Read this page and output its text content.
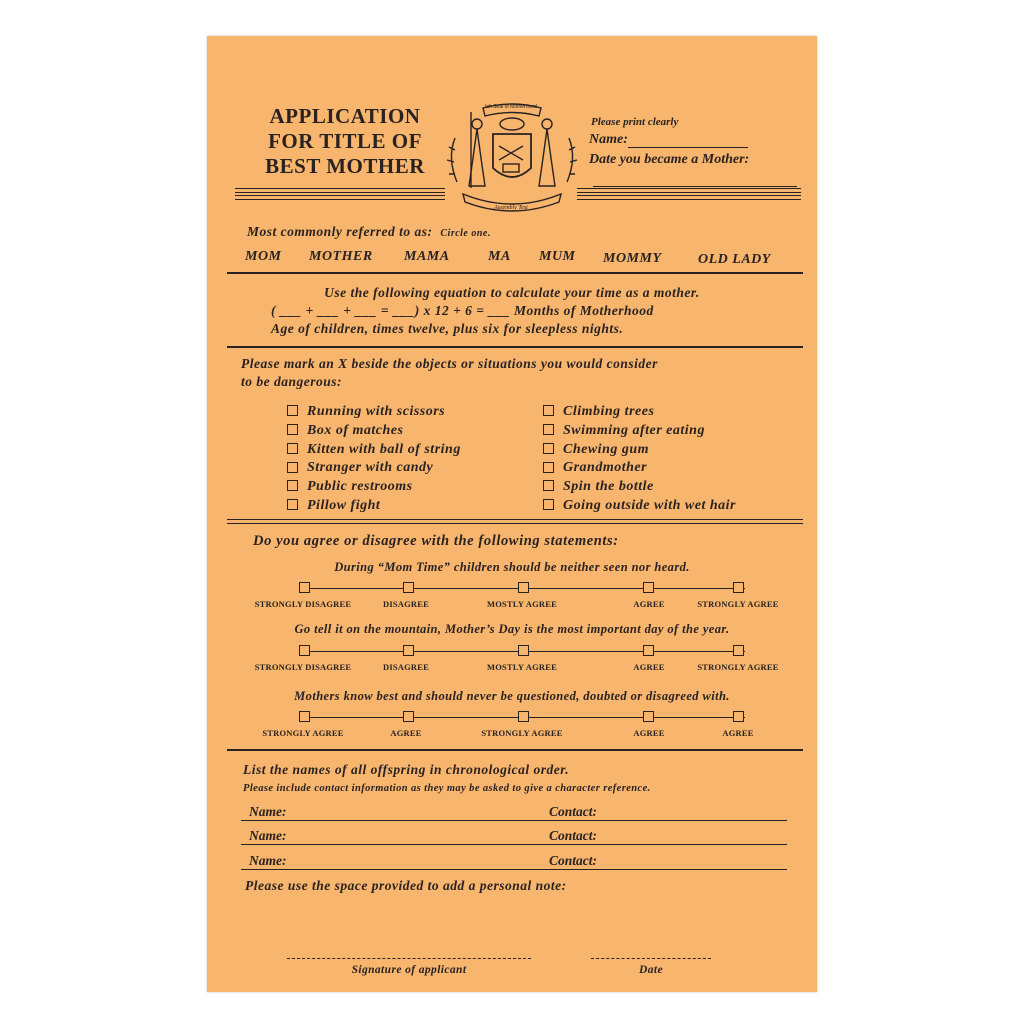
APPLICATION
FOR TITLE OF
BEST MOTHER
Ich Seal of Motherhood
Assembly Test
Please print clearly
Name:
Date you became a Mother:
Most commonly referred to as: Circle one.
MOM MOTHER MAMA	MA MUM MOMMY	OLD LADY
Use the following equation to calculate your time as a mother.
( ___ + ___ + ___ = ___) x 12 + 6 = ___ Months of Motherhood
Age of children, times twelve, plus six for sleepless nights.
Please mark an X beside the objects or situations you would consider
to be dangerous:
Running with scissors
Box of matches
Kitten with ball of string
Stranger with candy
Public restrooms
Pillow fight
Climbing trees
Swimming after eating
Chewing gum
Grandmother
Spin the bottle
Going outside with wet hair
Do you agree or disagree with the following statements:
During “Mom Time” children should be neither seen nor heard.
STRONGLY DISAGREE	DISAGREE	MOSTLY AGREE	AGREE	STRONGLY AGREE
Go tell it on the mountain, Mother’s Day is the most important day of the year.
STRONGLY DISAGREE	DISAGREE	MOSTLY AGREE	AGREE	STRONGLY AGREE
Mothers know best and should never be questioned, doubted or disagreed with.
STRONGLY AGREE	AGREE	STRONGLY AGREE	AGREE	AGREE
List the names of all offspring in chronological order.
Please include contact information as they may be asked to give a character reference.
Name:	Contact:
Name:	Contact:
Name:	Contact:
Please use the space provided to add a personal note:
Signature of applicant	Date
